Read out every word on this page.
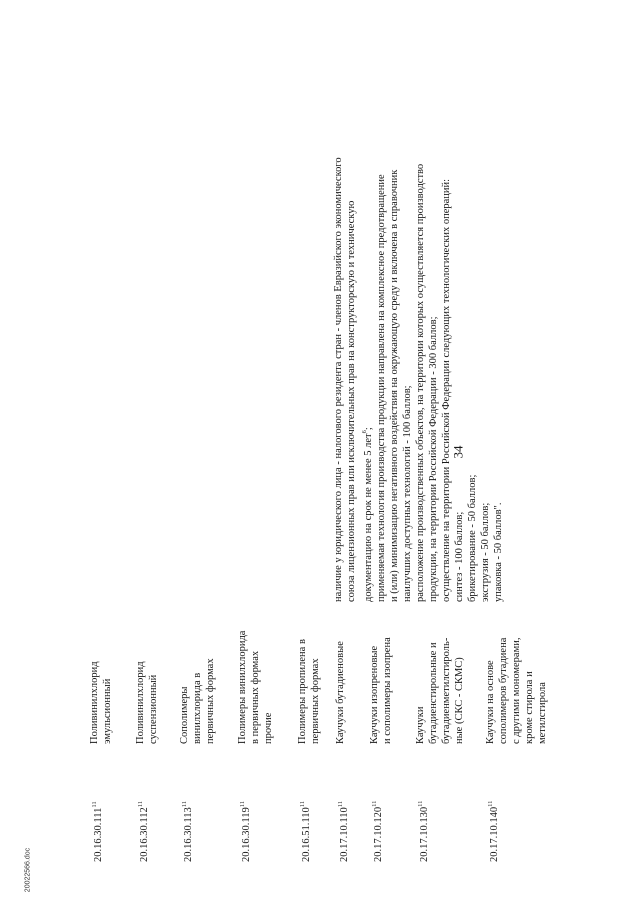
34
20022566.doc
20.16.30.111$^{11}$
Поливинилхлорид эмульсионный
20.16.30.112$^{11}$
Поливинилхлорид суспензионный
20.16.30.113$^{11}$
Сополимеры винилхлорида в первичных формах
20.16.30.119$^{11}$
Полимеры винилхлорида в первичных формах прочие
20.16.51.110$^{11}$
Полимеры пропилена в первичных формах
20.17.10.110$^{11}$
Каучуки бутадиеновые
20.17.10.120$^{11}$
Каучуки изопреновые и сополимеры изопрена
20.17.10.130$^{11}$
Каучуки бутадиенстирольные и бутадиенметилстироль- ные (СКС - СКМС)
20.17.10.140$^{11}$
Каучуки на основе сополимеров бутадиена с другими мономерами, кроме стирола и метилстирола
наличие у юридического лица - налогового резидента стран - членов Евразийского экономического союза лицензионных прав или исключительных прав на конструкторскую и техническую документацию на срок не менее 5 лет$^6$; применяемая технология производства продукции направлена на комплексное предотвращение и (или) минимизацию негативного воздействия на окружающую среду и включена в справочник наилучших доступных технологий - 100 баллов; расположение производственных объектов, на территории которых осуществляется производство продукции, на территории Российской Федерации - 300 баллов; осуществление на территории Российской Федерации следующих технологических операций: синтез - 100 баллов; брикетирование - 50 баллов; экструзия - 50 баллов; упаковка - 50 баллов".
